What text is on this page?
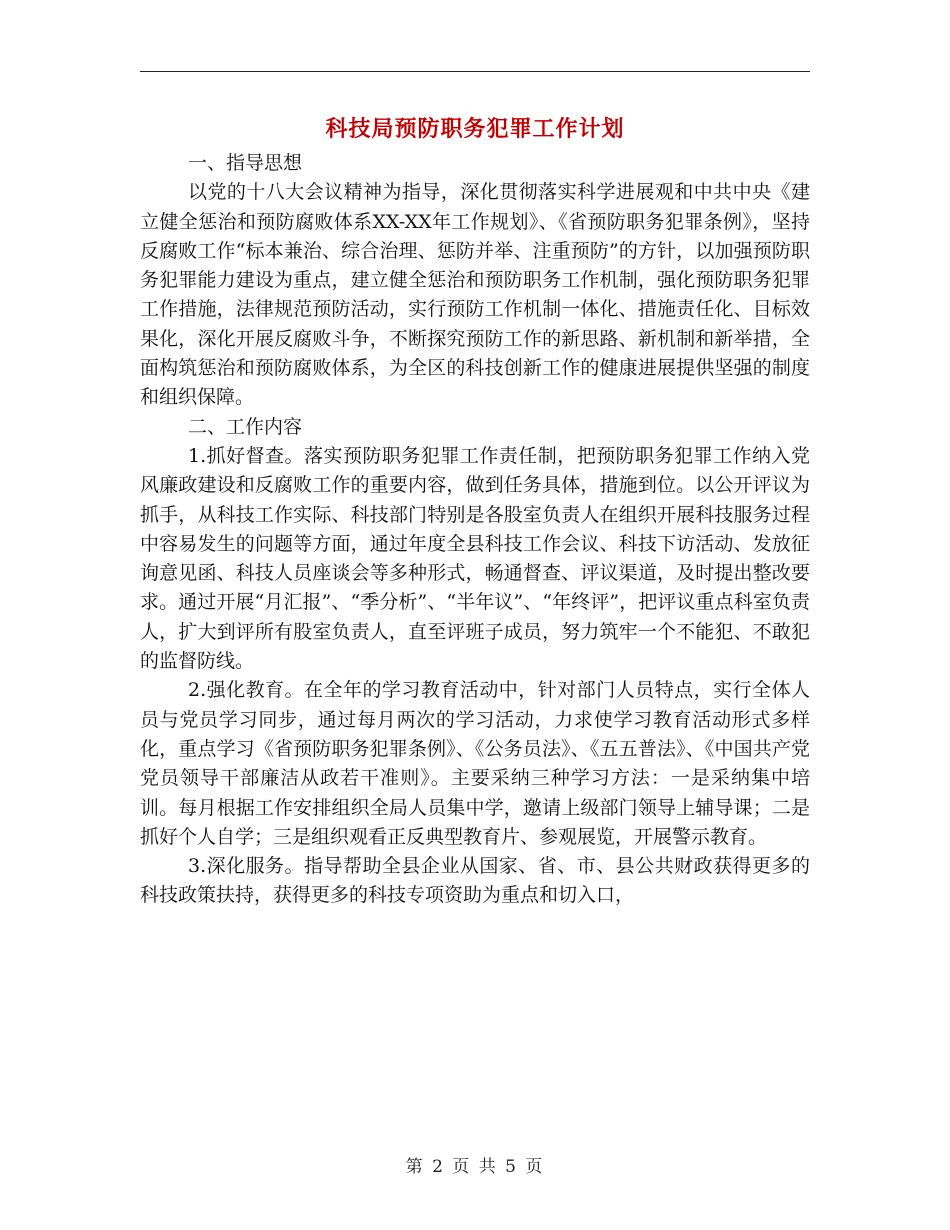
科技局预防职务犯罪工作计划

一、指导思想

以党的十八大会议精神为指导，深化贯彻落实科学进展观和中共中央《建立健全惩治和预防腐败体系XX-XX年工作规划》、《省预防职务犯罪条例》，坚持反腐败工作“标本兼治、综合治理、惩防并举、注重预防”的方针，以加强预防职务犯罪能力建设为重点，建立健全惩治和预防职务工作机制，强化预防职务犯罪工作措施，法律规范预防活动，实行预防工作机制一体化、措施责任化、目标效果化，深化开展反腐败斗争，不断探究预防工作的新思路、新机制和新举措，全面构筑惩治和预防腐败体系，为全区的科技创新工作的健康进展提供坚强的制度和组织保障。

二、工作内容

1.抓好督查。落实预防职务犯罪工作责任制，把预防职务犯罪工作纳入党风廉政建设和反腐败工作的重要内容，做到任务具体，措施到位。以公开评议为抓手，从科技工作实际、科技部门特别是各股室负责人在组织开展科技服务过程中容易发生的问题等方面，通过年度全县科技工作会议、科技下访活动、发放征询意见函、科技人员座谈会等多种形式，畅通督查、评议渠道，及时提出整改要求。通过开展“月汇报”、“季分析”、“半年议”、“年终评”，把评议重点科室负责人，扩大到评所有股室负责人，直至评班子成员，努力筑牢一个不能犯、不敢犯的监督防线。

2.强化教育。在全年的学习教育活动中，针对部门人员特点，实行全体人员与党员学习同步，通过每月两次的学习活动，力求使学习教育活动形式多样化，重点学习《省预防职务犯罪条例》、《公务员法》、《五五普法》、《中国共产党党员领导干部廉洁从政若干准则》。主要采纳三种学习方法：一是采纳集中培训。每月根据工作安排组织全局人员集中学，邀请上级部门领导上辅导课；二是抓好个人自学；三是组织观看正反典型教育片、参观展览，开展警示教育。

3.深化服务。指导帮助全县企业从国家、省、市、县公共财政获得更多的科技政策扶持，获得更多的科技专项资助为重点和切入口，

第 2 页 共 5 页
